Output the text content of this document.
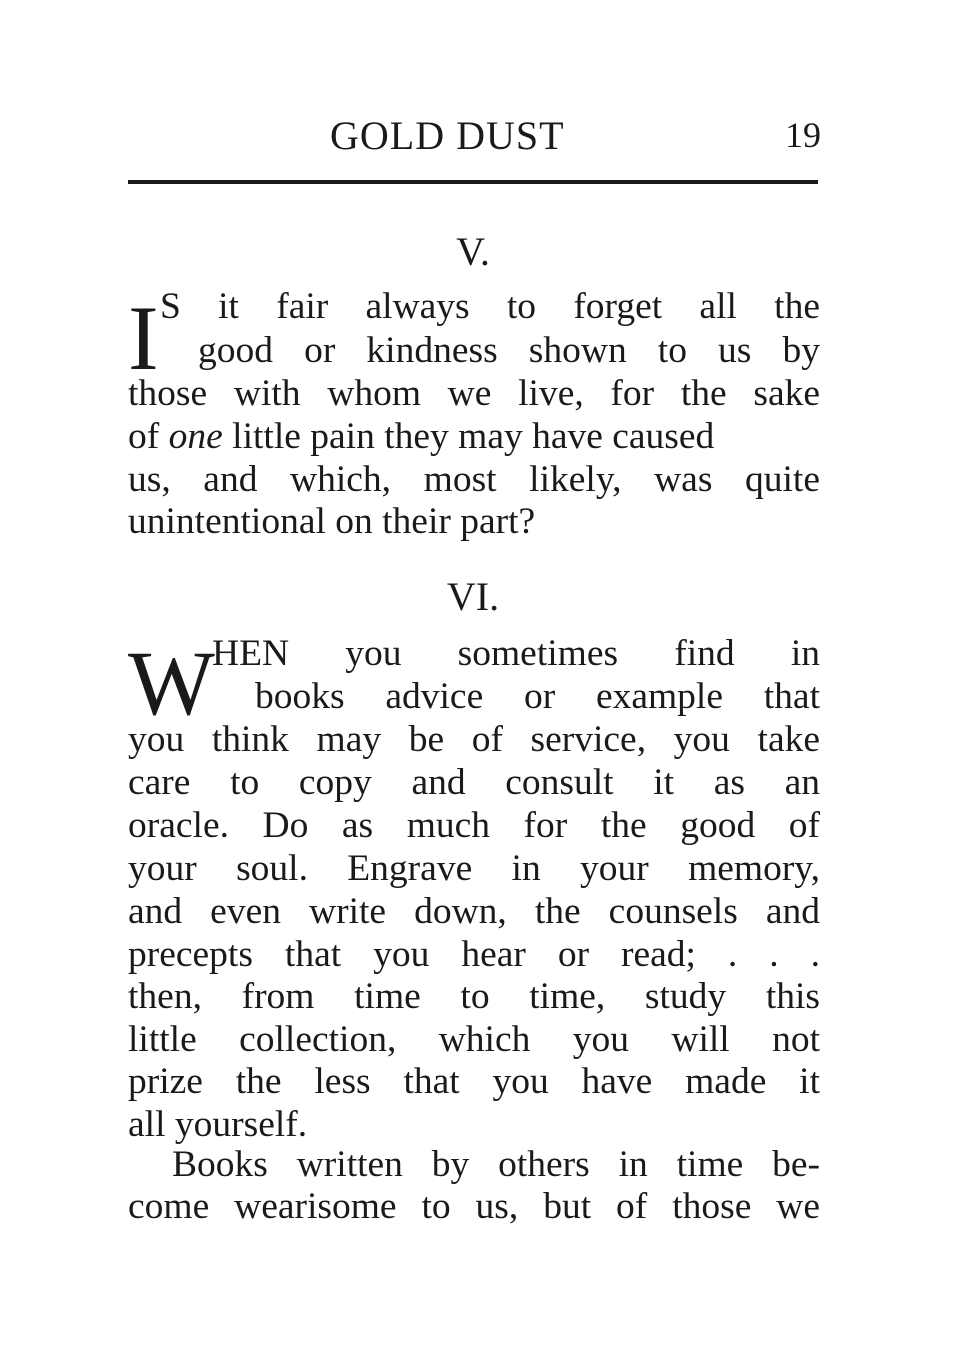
GOLD DUST	19
V.
I S it fair always to forget all the
good or kindness shown to us by
those with whom we live, for the sake
of one little pain they may have caused
us, and which, most likely, was quite
unintentional on their part?
VI.
W
HEN you sometimes find in
books advice or example that
you think may be of service, you take
care to copy and consult it as an
oracle. Do as much for the good of
your soul. Engrave in your memory,
and even write down, the counsels and
precepts that you hear or read; . . .
then, from time to time, study this
little collection, which you will not
prize the less that you have made it
all yourself.
Books written by others in time be-
come wearisome to us, but of those we
